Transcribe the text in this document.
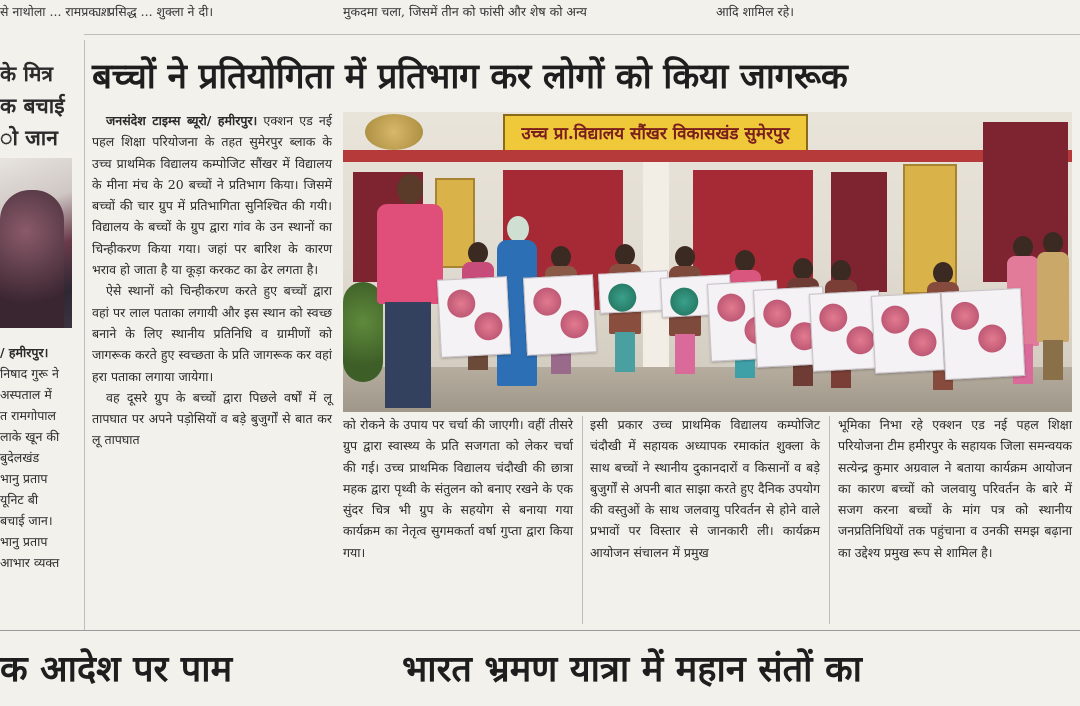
से नाथोला ... रामप्रकाश
... प्रसिद्ध ... शुक्ला ने दी।	मुकदमा चला, जिसमें तीन को फांसी और शेष को अन्य	आदि शामिल रहे।
के मित्र
क बचाई
ो जान

/ हमीरपुर।

निषाद गुरू ने

अस्पताल में

त रामगोपाल

लाके खून की

बुदेलखंड

भानु प्रताप

यूनिट बी

बचाई जान।

भानु प्रताप

आभार व्यक्त

बच्चों ने प्रतियोगिता में प्रतिभाग कर लोगों को किया जागरूक

जनसंदेश टाइम्स ब्यूरो/ हमीरपुर। एक्शन एड नई पहल शिक्षा परियोजना के तहत सुमेरपुर ब्लाक के उच्च प्राथमिक विद्यालय कम्पोजिट सौंखर में विद्यालय के मीना मंच के 20 बच्चों ने प्रतिभाग किया। जिसमें बच्चों की चार ग्रुप में प्रतिभागिता सुनिश्चित की गयी। विद्यालय के बच्चों के ग्रुप द्वारा गांव के उन स्थानों का चिन्हीकरण किया गया। जहां पर बारिश के कारण भराव हो जाता है या कूड़ा करकट का ढेर लगता है।

ऐसे स्थानों को चिन्हीकरण करते हुए बच्चों द्वारा वहां पर लाल पताका लगायी और इस स्थान को स्वच्छ बनाने के लिए स्थानीय प्रतिनिधि व ग्रामीणों को जागरूक करते हुए स्वच्छता के प्रति जागरूक कर वहां हरा पताका लगाया जायेगा।

वह दूसरे ग्रुप के बच्चों द्वारा पिछले वर्षों में लू तापघात पर अपने पड़ोसियों व बड़े बुजुर्गों से बात कर लू तापघात

उच्च प्रा.विद्यालय सौंखर विकासखंड सुमेरपुर
को रोकने के उपाय पर चर्चा की जाएगी। वहीं तीसरे ग्रुप द्वारा स्वास्थ्य के प्रति सजगता को लेकर चर्चा की गई। उच्च प्राथमिक विद्यालय चंदौखी की छात्रा महक द्वारा पृथ्वी के संतुलन को बनाए रखने के एक सुंदर चित्र भी ग्रुप के सहयोग से बनाया गया कार्यक्रम का नेतृत्व सुगमकर्ता वर्षा गुप्ता द्वारा किया गया।
इसी प्रकार उच्च प्राथमिक विद्यालय कम्पोजिट चंदौखी में सहायक अध्यापक रमाकांत शुक्ला के साथ बच्चों ने स्थानीय दुकानदारों व किसानों व बड़े बुजुर्गों से अपनी बात साझा करते हुए दैनिक उपयोग की वस्तुओं के साथ जलवायु परिवर्तन से होने वाले प्रभावों पर विस्तार से जानकारी ली। कार्यक्रम आयोजन संचालन में प्रमुख
भूमिका निभा रहे एक्शन एड नई पहल शिक्षा परियोजना टीम हमीरपुर के सहायक जिला समन्वयक सत्येन्द्र कुमार अग्रवाल ने बताया कार्यक्रम आयोजन का कारण बच्चों को जलवायु परिवर्तन के बारे में सजग करना बच्चों के मांग पत्र को स्थानीय जनप्रतिनिधियों तक पहुंचाना व उनकी समझ बढ़ाना का उद्देश्य प्रमुख रूप से शामिल है।
क आदेश पर पाम	भारत भ्रमण यात्रा में महान संतों का
